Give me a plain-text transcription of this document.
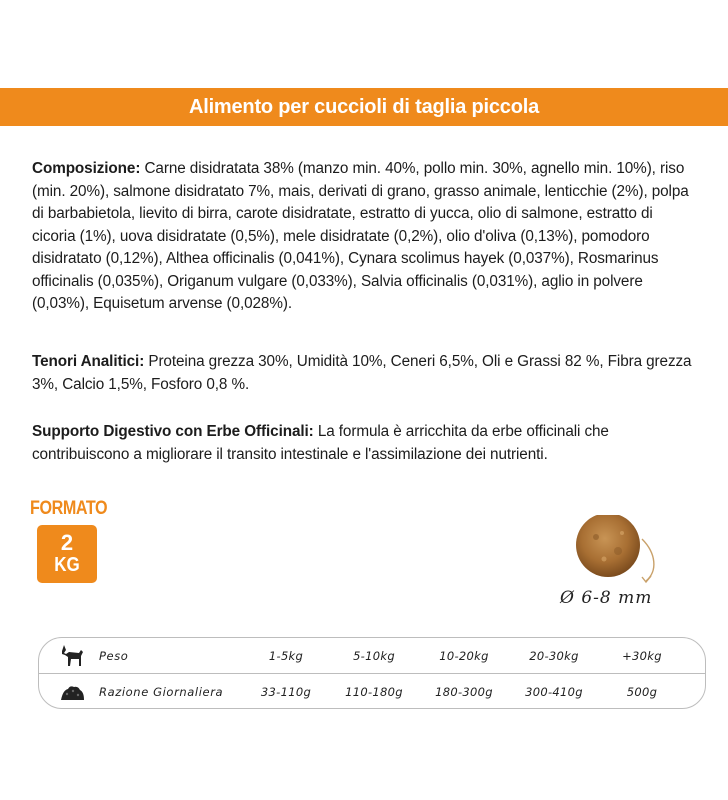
Alimento per cuccioli di taglia piccola
Composizione: Carne disidratata 38% (manzo min. 40%, pollo min. 30%, agnello min. 10%), riso (min. 20%), salmone disidratato 7%, mais, derivati di grano, grasso animale, lenticchie (2%), polpa di barbabietola, lievito di birra, carote disidratate, estratto di yucca, olio di salmone, estratto di cicoria (1%), uova disidratate (0,5%), mele disidratate (0,2%), olio d'oliva (0,13%), pomodoro disidratato (0,12%), Althea officinalis (0,041%), Cynara scolimus hayek (0,037%), Rosmarinus officinalis (0,035%), Origanum vulgare (0,033%), Salvia officinalis (0,031%), aglio in polvere (0,03%), Equisetum arvense (0,028%).
Tenori Analitici: Proteina grezza 30%, Umidità 10%, Ceneri 6,5%, Oli e Grassi 82 %, Fibra grezza 3%, Calcio 1,5%, Fosforo 0,8 %.
Supporto Digestivo con Erbe Officinali: La formula è arricchita da erbe officinali che contribuiscono a migliorare il transito intestinale e l'assimilazione dei nutrienti.
FORMATO
2
KG
Ø 6-8 mm
Peso	1-5kg	5-10kg	10-20kg	20-30kg	+30kg
Razione Giornaliera	33-110g	110-180g	180-300g	300-410g	500g
